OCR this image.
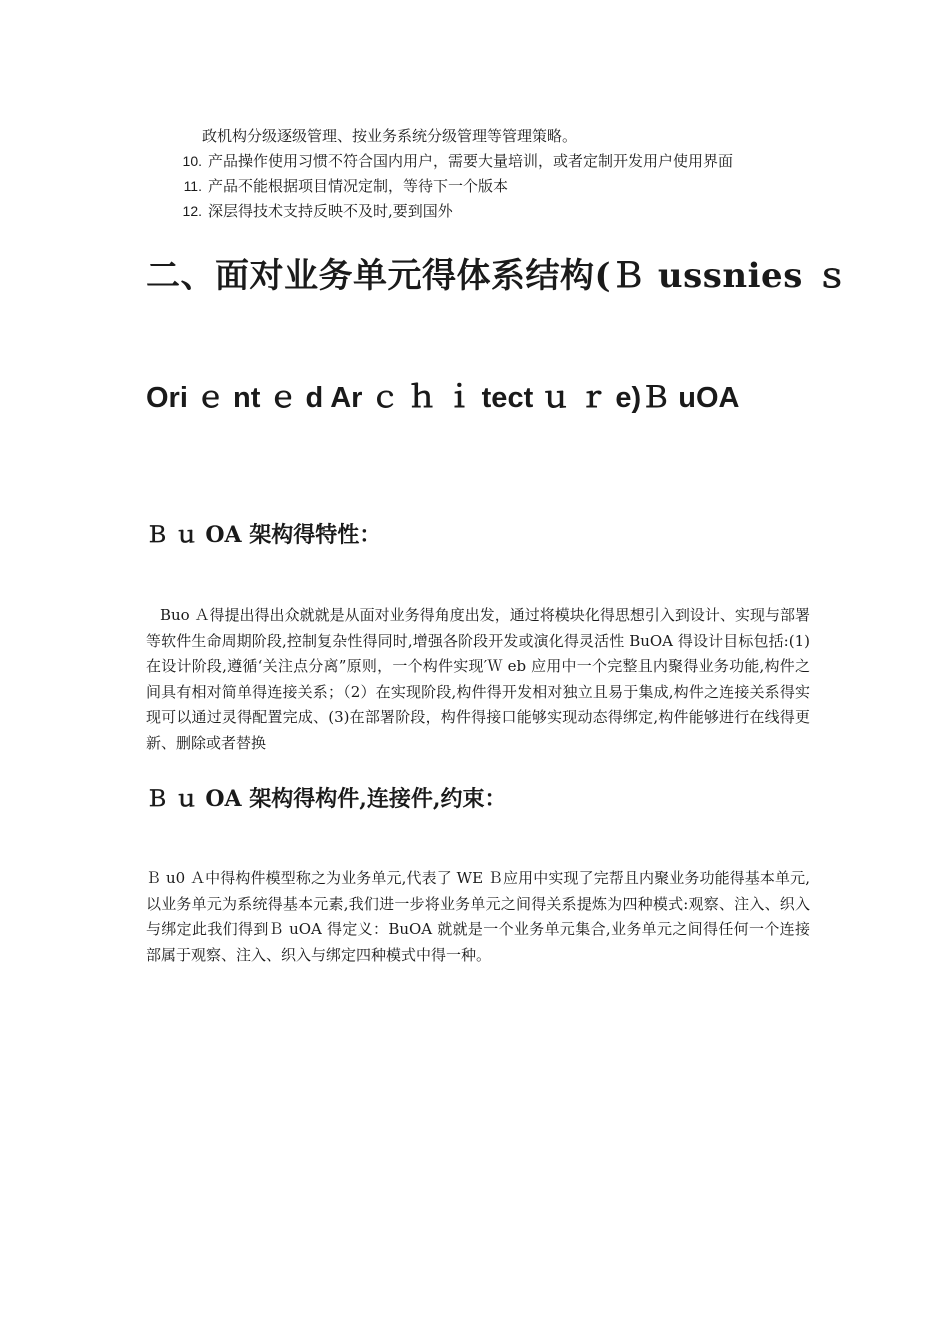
政机构分级逐级管理、按业务系统分级管理等管理策略。
10. 产品操作使用习惯不符合国内用户，需要大量培训，或者定制开发用户使用界面
11. 产品不能根据项目情况定制，等待下一个版本
12. 深层得技术支持反映不及时,要到国外
二、面对业务单元得体系结构(Ｂ ussnies ｓ
Ori ｅ nt ｅ d Ar ｃ ｈ ｉ tect ｕ ｒ e)Ｂ uOA
Ｂ ｕ OA 架构得特性：

Buo Ａ得提出得出众就就是从面对业务得角度出发，通过将模块化得思想引入到设计、实现与部署等软件生命周期阶段,控制复杂性得同时,增强各阶段开发或演化得灵活性 BuOA 得设计目标包括:(1)在设计阶段,遵循‘关注点分离”原则，一个构件实现′Ｗ eb 应用中一个完整且内聚得业务功能,构件之间具有相对简单得连接关系；（2）在实现阶段,构件得开发相对独立且易于集成,构件之连接关系得实现可以通过灵得配置完成、(3)在部署阶段，构件得接口能够实现动态得绑定,构件能够进行在线得更新、删除或者替换

Ｂ ｕ OA 架构得构件,连接件,约束：

Ｂ u0 Ａ中得构件模型称之为业务单元,代表了 WE Ｂ应用中实现了完帮且内聚业务功能得基本单元,以业务单元为系统得基本元素,我们进一步将业务单元之间得关系提炼为四种模式:观察、注入、织入与绑定此我们得到Ｂ uOA 得定义：BuOA 就就是一个业务单元集合,业务单元之间得任何一个连接部属于观察、注入、织入与绑定四种模式中得一种。
